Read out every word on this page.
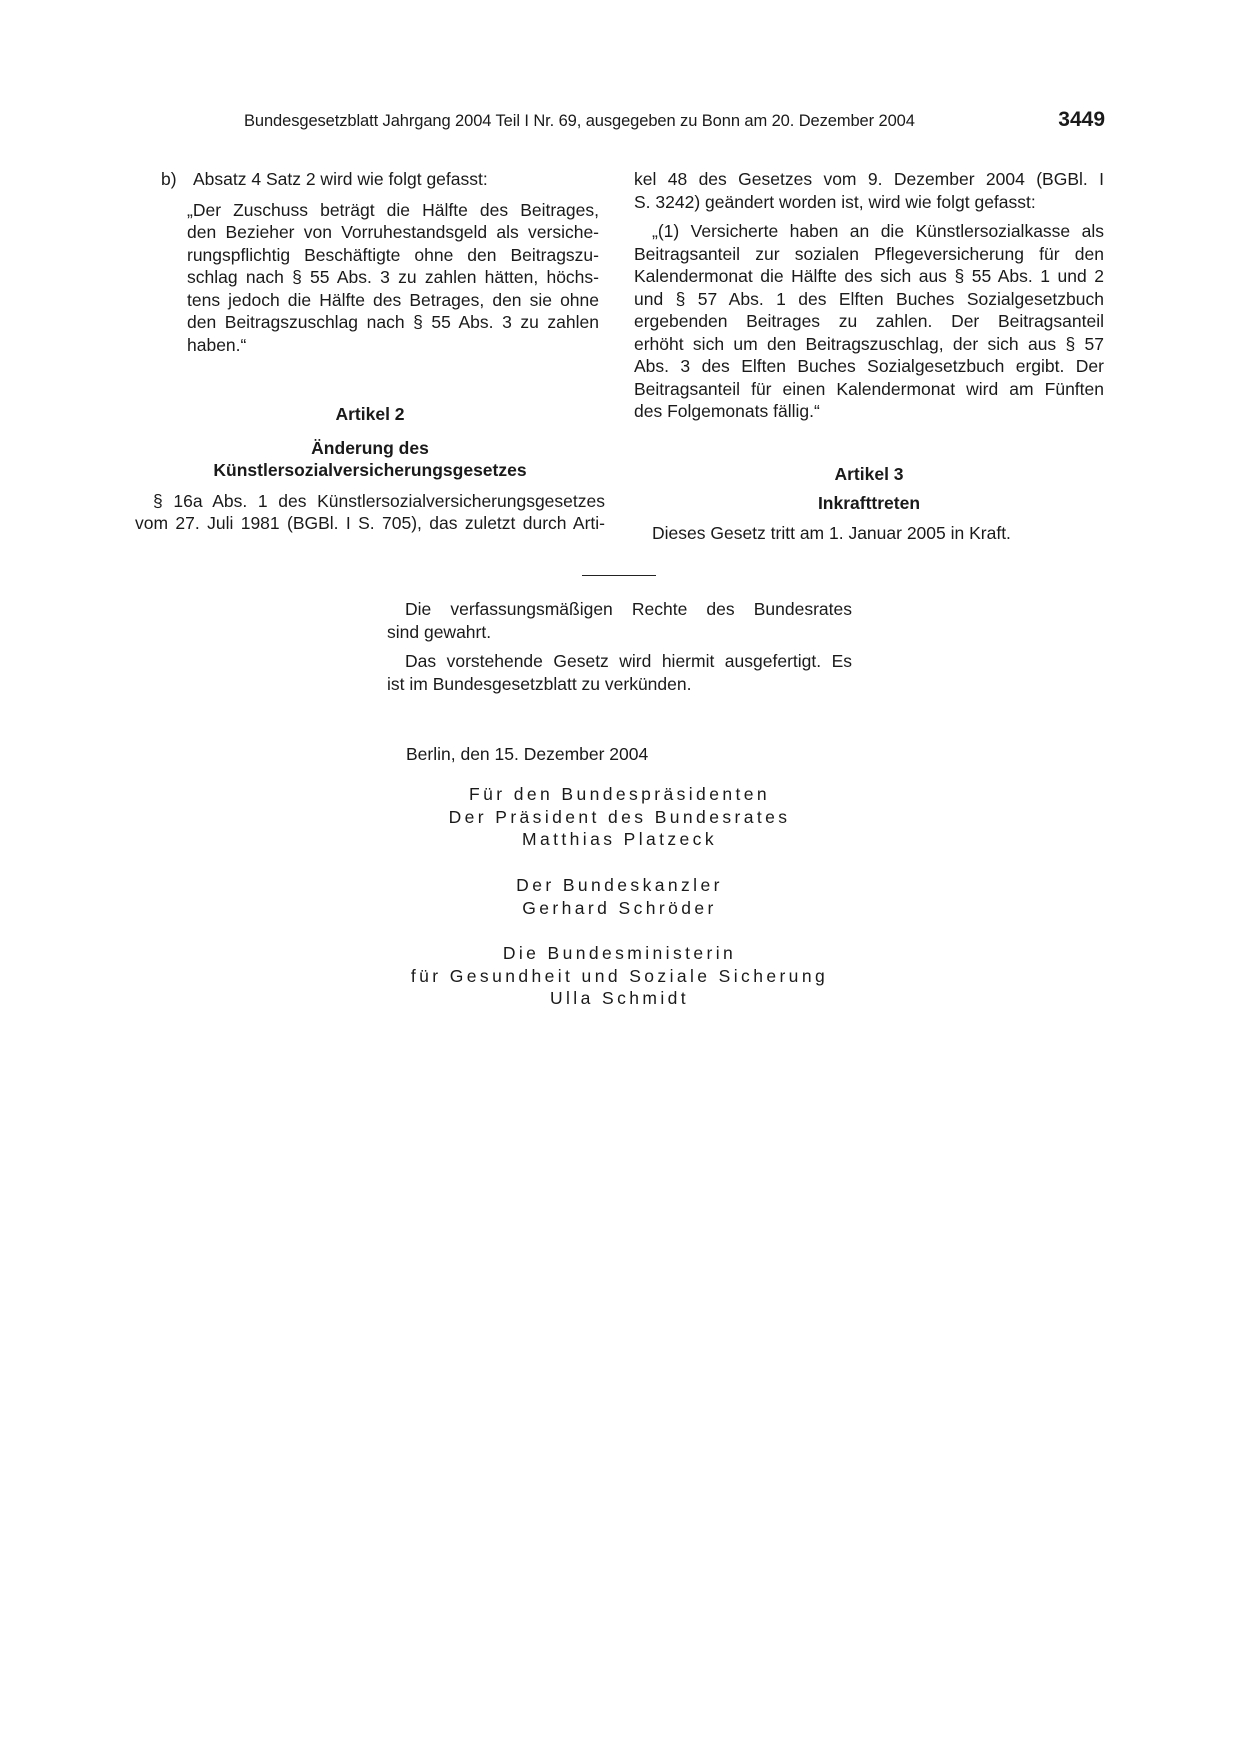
Bundesgesetzblatt Jahrgang 2004 Teil I Nr. 69, ausgegeben zu Bonn am 20. Dezember 2004	3449
b) Absatz 4 Satz 2 wird wie folgt gefasst:

„Der Zuschuss beträgt die Hälfte des Beitrages,

den Bezieher von Vorruhestandsgeld als versiche-

rungspflichtig Beschäftigte ohne den Beitragszu-

schlag nach § 55 Abs. 3 zu zahlen hätten, höchs-

tens jedoch die Hälfte des Betrages, den sie ohne

den Beitragszuschlag nach § 55 Abs. 3 zu zahlen

haben.“

Artikel 2
Änderung des
Künstlersozialversicherungsgesetzes

§ 16a Abs. 1 des Künstlersozialversicherungsgesetzes

vom 27. Juli 1981 (BGBl. I S. 705), das zuletzt durch Arti-

kel 48 des Gesetzes vom 9. Dezember 2004 (BGBl. I

S. 3242) geändert worden ist, wird wie folgt gefasst:

„(1) Versicherte haben an die Künstlersozialkasse als

Beitragsanteil zur sozialen Pflegeversicherung für den

Kalendermonat die Hälfte des sich aus § 55 Abs. 1 und 2

und § 57 Abs. 1 des Elften Buches Sozialgesetzbuch

ergebenden Beitrages zu zahlen. Der Beitragsanteil

erhöht sich um den Beitragszuschlag, der sich aus § 57

Abs. 3 des Elften Buches Sozialgesetzbuch ergibt. Der

Beitragsanteil für einen Kalendermonat wird am Fünften

des Folgemonats fällig.“

Artikel 3
Inkrafttreten

Dieses Gesetz tritt am 1. Januar 2005 in Kraft.

Die verfassungsmäßigen Rechte des Bundesrates

sind gewahrt.

Das vorstehende Gesetz wird hiermit ausgefertigt. Es

ist im Bundesgesetzblatt zu verkünden.

Berlin, den 15. Dezember 2004
Für den Bundespräsidenten
Der Präsident des Bundesrates
Matthias Platzeck
Der Bundeskanzler
Gerhard Schröder
Die Bundesministerin
für Gesundheit und Soziale Sicherung
Ulla Schmidt
